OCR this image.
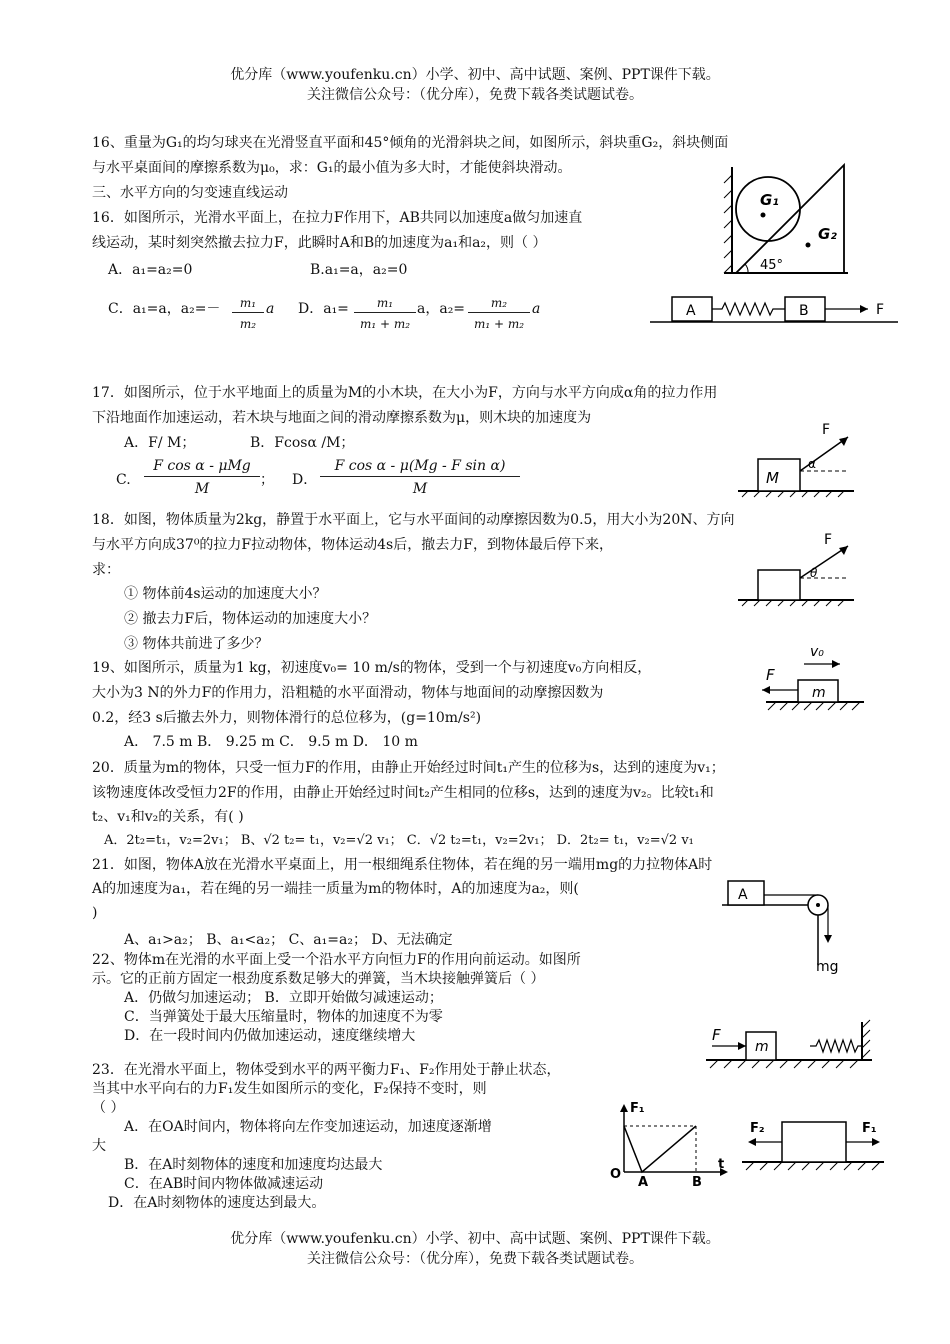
优分库（www.youfenku.cn）小学、初中、高中试题、案例、PPT课件下载。
关注微信公众号：（优分库），免费下载各类试题试卷。
16、重量为G₁的均匀球夹在光滑竖直平面和45°倾角的光滑斜块之间，如图所示，斜块重G₂，斜块侧面
与水平桌面间的摩擦系数为μ₀，求：G₁的最小值为多大时，才能使斜块滑动。
三、水平方向的匀变速直线运动	G₁
G₂
45°
16．如图所示，光滑水平面上，在拉力F作用下，AB共同以加速度a做匀加速直
线运动，某时刻突然撤去拉力F，此瞬时A和B的加速度为a₁和a₂，则（ ）
A．a₁=a₂=0	B.a₁=a，a₂=0
C．a₁=a，$a_2=- \frac{\text{m₁}}{\text{m₂}}$ a D．$a_1= \frac{\text{m₁}}{\text{m₁ + m₂}}$ a，$a_2= \frac{\text{m₂}}{\text{m₁ + m₂}}$ a	A	B	F
17．如图所示，位于水平地面上的质量为M的小木块，在大小为F，方向与水平方向成α角的拉力作用
下沿地面作加速运动，若木块与地面之间的滑动摩擦系数为μ，则木块的加速度为
A．F/ M；	B．Fcosα /M；
C.
F cos α - μMg
M
； D． $\frac{\text{F cos α - μ(Mg - F sin α)}}{M}$
F
α
M
18．如图，物体质量为2kg，静置于水平面上，它与水平面间的动摩擦因数为0.5，用大小为20N、方向
与水平方向成37⁰的拉力F拉动物体，物体运动4s后，撤去力F，到物体最后停下来，
求：
① 物体前4s运动的加速度大小？
② 撤去力F后，物体运动的加速度大小？
③ 物体共前进了多少？
F
θ
19、如图所示，质量为1 kg，初速度v₀= 10 m/s的物体，受到一个与初速度v₀方向相反，
大小为3 N的外力F的作用力，沿粗糙的水平面滑动，物体与地面间的动摩擦因数为
0.2，经3 s后撤去外力，则物体滑行的总位移为，(g=10m/s²)
A． 7.5 m B． 9.25 m C． 9.5 m D． 10 m
v₀
F
m
20．质量为m的物体，只受一恒力F的作用，由静止开始经过时间t₁产生的位移为s，达到的速度为v₁；
该物速度体改受恒力2F的作用，由静止开始经过时间t₂产生相同的位移s，达到的速度为v₂。比较t₁和
t₂、v₁和v₂的关系，有( )
A．2t₂=t₁，v₂=2v₁； B、√2 t₂= t₁，v₂=√2 v₁； C．√2 t₂=t₁，v₂=2v₁； D．2t₂= t₁，v₂=√2 v₁
21．如图，物体A放在光滑水平桌面上，用一根细绳系住物体，若在绳的另一端用mg的力拉物体A时
A的加速度为a₁，若在绳的另一端挂一质量为m的物体时，A的加速度为a₂，则(
)
A、a₁>a₂； B、a₁<a₂； C、a₁=a₂； D、无法确定
A
mg
22、物体m在光滑的水平面上受一个沿水平方向恒力F的作用向前运动。如图所
示。它的正前方固定一根劲度系数足够大的弹簧，当木块接触弹簧后（ ）
A．仍做匀加速运动； B．立即开始做匀减速运动；
C．当弹簧处于最大压缩量时，物体的加速度不为零
D．在一段时间内仍做加速运动，速度继续增大	F
m
23．在光滑水平面上，物体受到水平的两平衡力F₁、F₂作用处于静止状态，
当其中水平向右的力F₁发生如图所示的变化，F₂保持不变时，则
（ ）
A．在OA时间内，物体将向左作变加速运动，加速度逐渐增
大
B．在A时刻物体的速度和加速度均达最大
C．在AB时间内物体做减速运动
D．在A时刻物体的速度达到最大。
F₁
t
O
A	B
F₂	F₁
优分库（www.youfenku.cn）小学、初中、高中试题、案例、PPT课件下载。
关注微信公众号：（优分库），免费下载各类试题试卷。
